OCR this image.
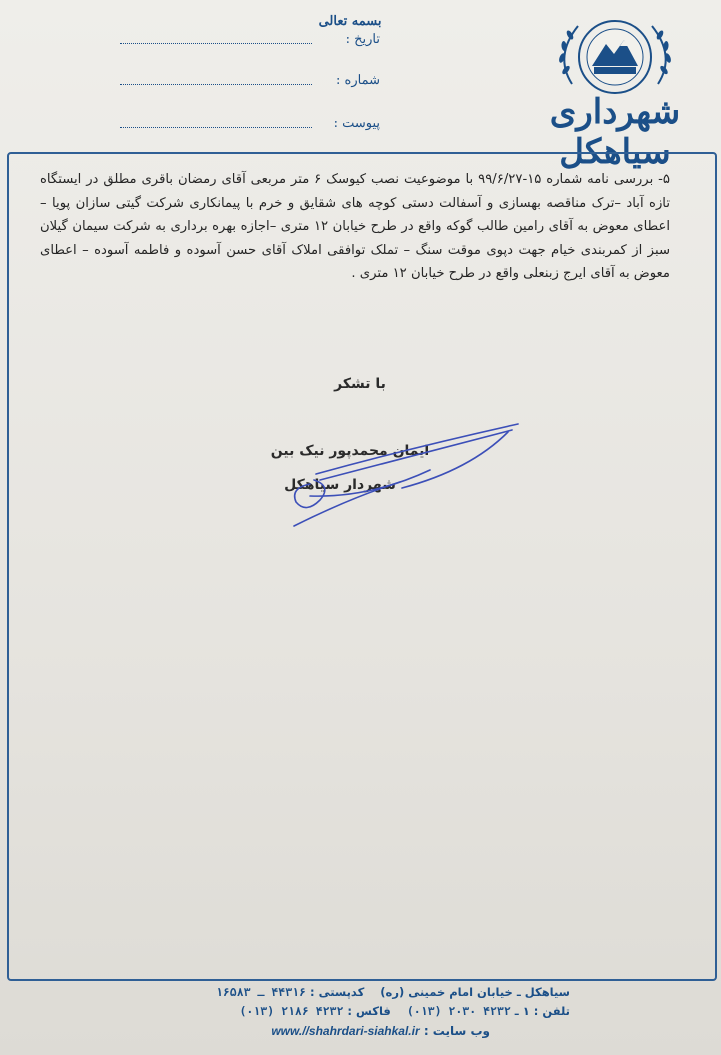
بسمه تعالی
تاریخ :
شماره :
پیوست :	شهرداری سیاهکل

۵- بررسی نامه شماره ۱۵-۹۹/۶/۲۷ با موضوعیت نصب کیوسک ۶ متر مربعی آقای رمضان باقری مطلق در ایستگاه تازه آباد –ترک مناقصه بهسازی و آسفالت دستی کوچه های شقایق و خرم با پیمانکاری شرکت گیتی سازان پویا – اعطای معوض به آقای رامین طالب گوکه واقع در طرح خیابان ۱۲ متری –اجازه بهره برداری به شرکت سیمان گیلان سبز از کمربندی خیام جهت دپوی موقت سنگ – تملک توافقی املاک آقای حسن آسوده و فاطمه آسوده – اعطای معوض به آقای ایرج زبنعلی واقع در طرح خیابان ۱۲ متری .

با تشکر
ایمان محمدپور نیک بین
شهردار سیاهکل
سیاهکل ـ خیابان امام خمینی (ره)    کدپستی : ۴۴۳۱۶ ـ ۱۶۵۸۳
تلفن : ۱ ـ ۴۲۳۲ ۲۰۳۰ (۰۱۳)    فاکس : ۴۲۳۲ ۲۱۸۶ (۰۱۳)
وب سایت : www.//shahrdari-siahkal.ir
